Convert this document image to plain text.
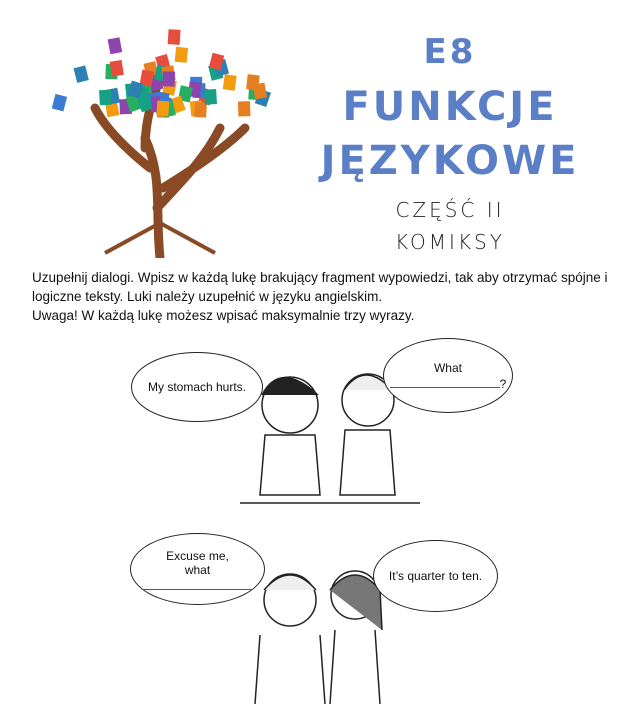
E8
FUNKCJE
JĘZYKOWE
CZĘŚĆ II
KOMIKSY
Uzupełnij dialogi. Wpisz w każdą lukę brakujący fragment wypowiedzi, tak aby otrzymać spójne i logiczne teksty. Luki należy uzupełnić w języku angielskim.
Uwaga! W każdą lukę możesz wpisać maksymalnie trzy wyrazy.
My stomach hurts.
What
?
Excuse me,
what	It’s quarter to ten.
